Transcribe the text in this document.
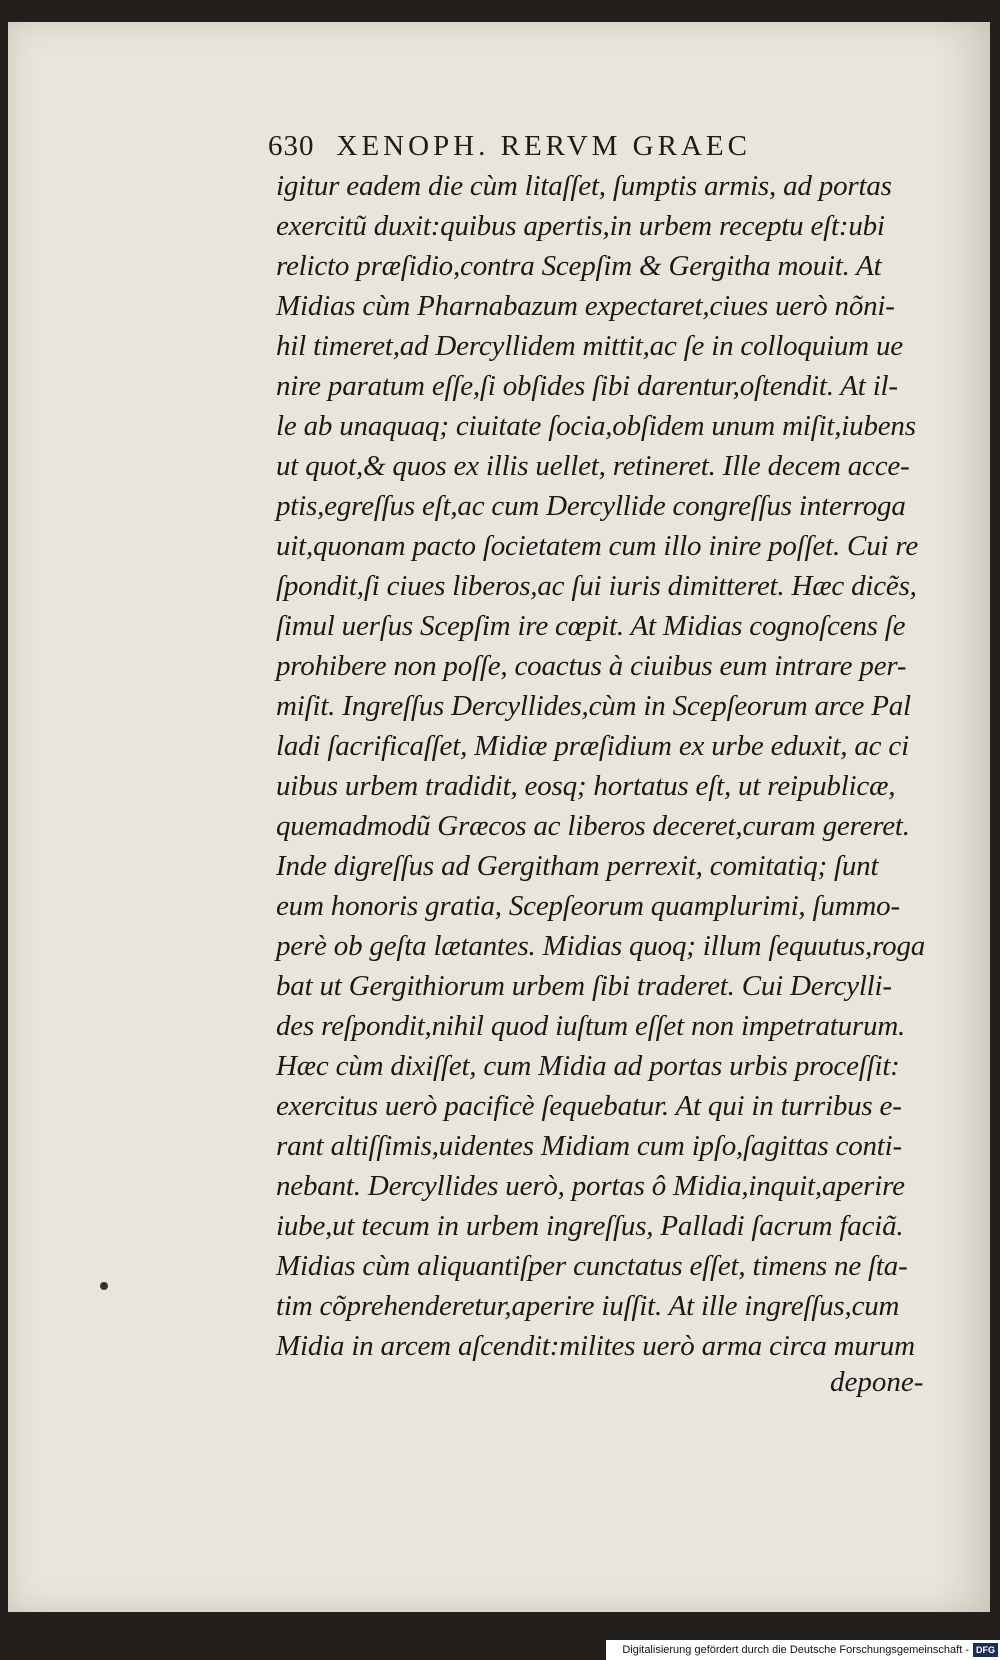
630 XENOPH. RERVM GRAEC
igitur eadem die cùm litaſſet, ſumptis armis, ad portas
exercitũ duxit:quibus apertis,in urbem receptu eſt:ubi
relicto præſidio,contra Scepſim & Gergitha mouit. At
Midias cùm Pharnabazum expectaret,ciues uerò nõni-
hil timeret,ad Dercyllidem mittit,ac ſe in colloquium ue
nire paratum eſſe,ſi obſides ſibi darentur,oſtendit. At il-
le ab unaquaq; ciuitate ſocia,obſidem unum miſit,iubens
ut quot,& quos ex illis uellet, retineret. Ille decem acce-
ptis,egreſſus eſt,ac cum Dercyllide congreſſus interroga
uit,quonam pacto ſocietatem cum illo inire poſſet. Cui re
ſpondit,ſi ciues liberos,ac ſui iuris dimitteret. Hæc dicẽs,
ſimul uerſus Scepſim ire cœpit. At Midias cognoſcens ſe
prohibere non poſſe, coactus à ciuibus eum intrare per-
miſit. Ingreſſus Dercyllides,cùm in Scepſeorum arce Pal
ladi ſacrificaſſet, Midiæ præſidium ex urbe eduxit, ac ci
uibus urbem tradidit, eosq; hortatus eſt, ut reipublicæ,
quemadmodũ Græcos ac liberos deceret,curam gereret.
Inde digreſſus ad Gergitham perrexit, comitatiq; ſunt
eum honoris gratia, Scepſeorum quamplurimi, ſummo-
perè ob geſta lætantes. Midias quoq; illum ſequutus,roga
bat ut Gergithiorum urbem ſibi traderet. Cui Dercylli-
des reſpondit,nihil quod iuſtum eſſet non impetraturum.
Hæc cùm dixiſſet, cum Midia ad portas urbis proceſſit:
exercitus uerò pacificè ſequebatur. At qui in turribus e-
rant altiſſimis,uidentes Midiam cum ipſo,ſagittas conti-
nebant. Dercyllides uerò, portas ô Midia,inquit,aperire
iube,ut tecum in urbem ingreſſus, Palladi ſacrum faciã.
Midias cùm aliquantiſper cunctatus eſſet, timens ne ſta-
tim cõprehenderetur,aperire iuſſit. At ille ingreſſus,cum
Midia in arcem aſcendit:milites uerò arma circa murum
depone-
Digitalisierung gefördert durch die Deutsche Forschungsgemeinschaft - DFG
